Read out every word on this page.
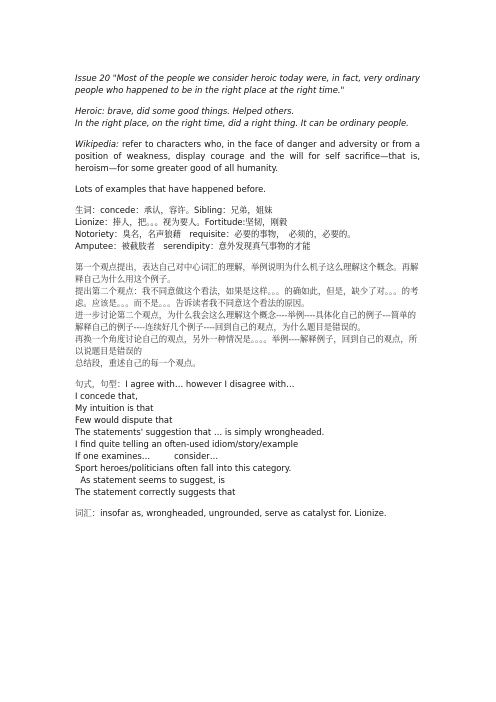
Issue 20 "Most of the people we consider heroic today were, in fact, very ordinary people who happened to be in the right place at the right time."

Heroic: brave, did some good things. Helped others.

In the right place, on the right time, did a right thing. It can be ordinary people.

Wikipedia: refer to characters who, in the face of danger and adversity or from a position of weakness, display courage and the will for self sacrifice—that is, heroism—for some greater good of all humanity.

Lots of examples that have happened before.

生词：concede：承认，容许。Sibling：兄弟，姐妹

Lionize：捧人，把。。。视为要人。Fortitude:坚韧，刚毅

Notoriety：臭名，名声狼藉　requisite：必要的事物，　必须的，必要的。

Amputee：被截肢者　serendipity：意外发现真气事物的才能

第一个观点提出，表达自己对中心词汇的理解，举例说明为什么机子这么理解这个概念。再解释自己为什么用这个例子。

提出第二个观点：我不同意做这个看法，如果是这样。。。的确如此，但是，缺少了对。。。的考虑。应该是。。。而不是。。。告诉读者我不同意这个看法的原因。

进一步讨论第二个观点，为什么我会这么理解这个概念----举例----具体化自己的例子---简单的解释自己的例子----连续好几个例子----回到自己的观点，为什么题目是错误的。

再换一个角度讨论自己的观点，另外一种情况是。。。。举例----解释例子，回到自己的观点，所以说题目是错误的

总结段，重述自己的每一个观点。

句式，句型：I agree with… however I disagree with…

I concede that,

My intuition is that

Few would dispute that

The statements' suggestion that … is simply wrongheaded.

I find quite telling an often-used idiom/story/example

If one examines…         consider…

Sport heroes/politicians often fall into this category.

As statement seems to suggest, is

The statement correctly suggests that

词汇：insofar as, wrongheaded, ungrounded, serve as catalyst for. Lionize.
